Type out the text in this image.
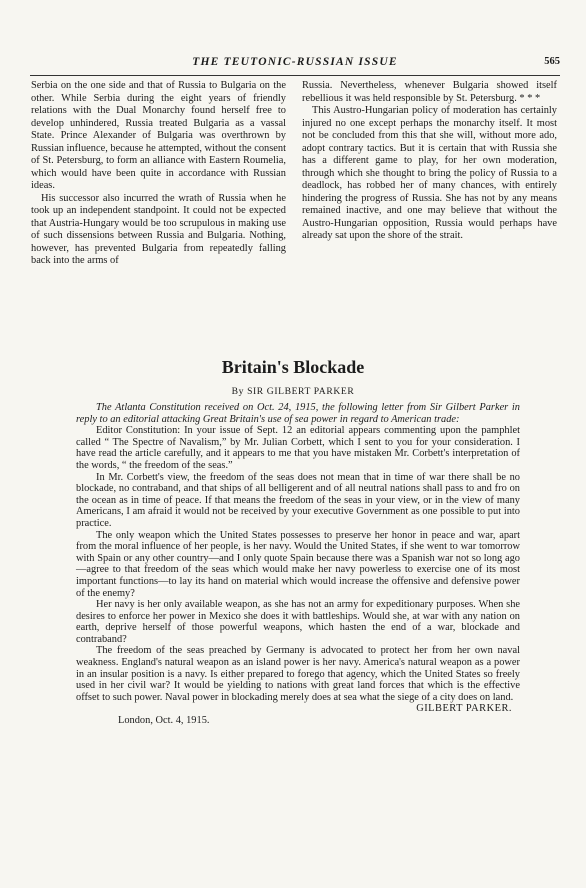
THE TEUTONIC-RUSSIAN ISSUE	565

Serbia on the one side and that of Russia to Bulgaria on the other. While Serbia during the eight years of friendly relations with the Dual Monarchy found herself free to develop unhindered, Russia treated Bulgaria as a vassal State. Prince Alexander of Bulgaria was overthrown by Russian influence, because he attempted, without the consent of St. Petersburg, to form an alliance with Eastern Roumelia, which would have been quite in accordance with Russian ideas.

His successor also incurred the wrath of Russia when he took up an independent standpoint. It could not be expected that Austria-Hungary would be too scrupulous in making use of such dissensions between Russia and Bulgaria. Nothing, however, has prevented Bulgaria from repeatedly falling back into the arms of

Russia. Nevertheless, whenever Bulgaria showed itself rebellious it was held responsible by St. Petersburg. * * *

This Austro-Hungarian policy of moderation has certainly injured no one except perhaps the monarchy itself. It most not be concluded from this that she will, without more ado, adopt contrary tactics. But it is certain that with Russia she has a different game to play, for her own moderation, through which she thought to bring the policy of Russia to a deadlock, has robbed her of many chances, with entirely hindering the progress of Russia. She has not by any means remained inactive, and one may believe that without the Austro-Hungarian opposition, Russia would perhaps have already sat upon the shore of the strait.

Britain's Blockade
By SIR GILBERT PARKER

The Atlanta Constitution received on Oct. 24, 1915, the following letter from Sir Gilbert Parker in reply to an editorial attacking Great Britain's use of sea power in regard to American trade:

Editor Constitution: In your issue of Sept. 12 an editorial appears commenting upon the pamphlet called “ The Spectre of Navalism,” by Mr. Julian Corbett, which I sent to you for your consideration. I have read the article carefully, and it appears to me that you have mistaken Mr. Corbett's interpretation of the words, “ the freedom of the seas.”

In Mr. Corbett's view, the freedom of the seas does not mean that in time of war there shall be no blockade, no contraband, and that ships of all belligerent and of all neutral nations shall pass to and fro on the ocean as in time of peace. If that means the freedom of the seas in your view, or in the view of many Americans, I am afraid it would not be received by your executive Government as one possible to put into practice.

The only weapon which the United States possesses to preserve her honor in peace and war, apart from the moral influence of her people, is her navy. Would the United States, if she went to war tomorrow with Spain or any other country—and I only quote Spain because there was a Spanish war not so long ago—agree to that freedom of the seas which would make her navy powerless to exercise one of its most important functions—to lay its hand on material which would increase the offensive and defensive power of the enemy?

Her navy is her only available weapon, as she has not an army for expeditionary purposes. When she desires to enforce her power in Mexico she does it with battleships. Would she, at war with any nation on earth, deprive herself of those powerful weapons, which hasten the end of a war, blockade and contraband?

The freedom of the seas preached by Germany is advocated to protect her from her own naval weakness. England's natural weapon as an island power is her navy. America's natural weapon as a power in an insular position is a navy. Is either prepared to forego that agency, which the United States so freely used in her civil war? It would be yielding to nations with great land forces that which is the effective offset to such power. Naval power in blockading merely does at sea what the siege of a city does on land.

GILBERT PARKER.

London, Oct. 4, 1915.
